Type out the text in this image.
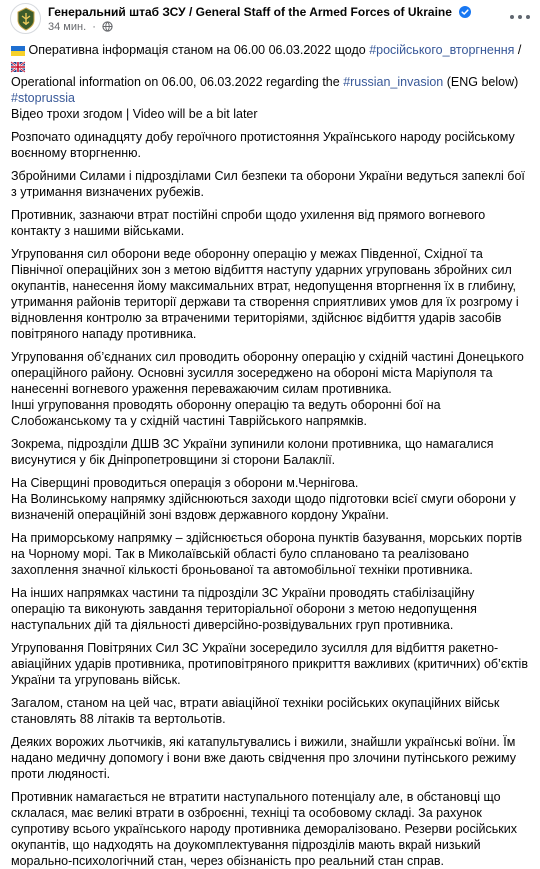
Генеральний штаб ЗСУ / General Staff of the Armed Forces of Ukraine
34 мин. ·
Оперативна інформація станом на 06.00 06.03.2022 щодо #російського_вторгнення /
Operational information on 06.00, 06.03.2022 regarding the #russian_invasion (ENG below)
#stoprussia
Відео трохи згодом | Video will be a bit later

Розпочато одинадцяту добу героїчного протистояння Українського народу російському воєнному вторгненню.

Збройними Силами і підрозділами Сил безпеки та оборони України ведуться запеклі бої з утримання визначених рубежів.

Противник, зазнаючи втрат постійні спроби щодо ухилення від прямого вогневого контакту з нашими військами.

Угруповання сил оборони веде оборонну операцію у межах Південної, Східної та Північної операційних зон з метою відбиття наступу ударних угруповань збройних сил окупантів, нанесення йому максимальних втрат, недопущення вторгнення їх в глибину, утримання районів території держави та створення сприятливих умов для їх розгрому і відновлення контролю за втраченими територіями, здійснює відбиття ударів засобів повітряного нападу противника.

Угруповання об’єднаних сил проводить оборонну операцію у східній частині Донецького операційного району. Основні зусилля зосереджено на обороні міста Маріуполя та нанесенні вогневого ураження переважаючим силам противника.
Інші угруповання проводять оборонну операцію та ведуть оборонні бої на Слобожанському та у східній частині Таврійського напрямків.

Зокрема, підрозділи ДШВ ЗС України зупинили колони противника, що намагалися висунутися у бік Дніпропетровщини зі сторони Балаклії.

На Сіверщині проводиться операція з оборони м.Чернігова.
На Волинському напрямку здійснюються заходи щодо підготовки всієї смуги оборони у визначеній операційній зоні вздовж державного кордону України.

На приморському напрямку – здійснюється оборона пунктів базування, морських портів на Чорному морі. Так в Миколаївській області було сплановано та реалізовано захоплення значної кількості броньованої та автомобільної техніки противника.

На інших напрямках частини та підрозділи ЗС України проводять стабілізаційну операцію та виконують завдання територіальної оборони з метою недопущення наступальних дій та діяльності диверсійно-розвідувальних груп противника.

Угруповання Повітряних Сил ЗС України зосередило зусилля для відбиття ракетно-авіаційних ударів противника, протиповітряного прикриття важливих (критичних) об’єктів України та угруповань військ.

Загалом, станом на цей час, втрати авіаційної техніки російських окупаційних військ становлять 88 літаків та вертольотів.

Деяких ворожих льотчиків, які катапультувались і вижили, знайшли українські воїни. Їм надано медичну допомогу і вони вже дають свідчення про злочини путінського режиму проти людяності.

Противник намагається не втратити наступального потенціалу але, в обстановці що склалася, має великі втрати в озброєнні, техніці та особовому складі. За рахунок супротиву всього українського народу противника деморалізовано. Резерви російських окупантів, що надходять на доукомплектування підрозділів мають вкрай низький морально-психологічний стан, через обізнаність про реальний стан справ.
